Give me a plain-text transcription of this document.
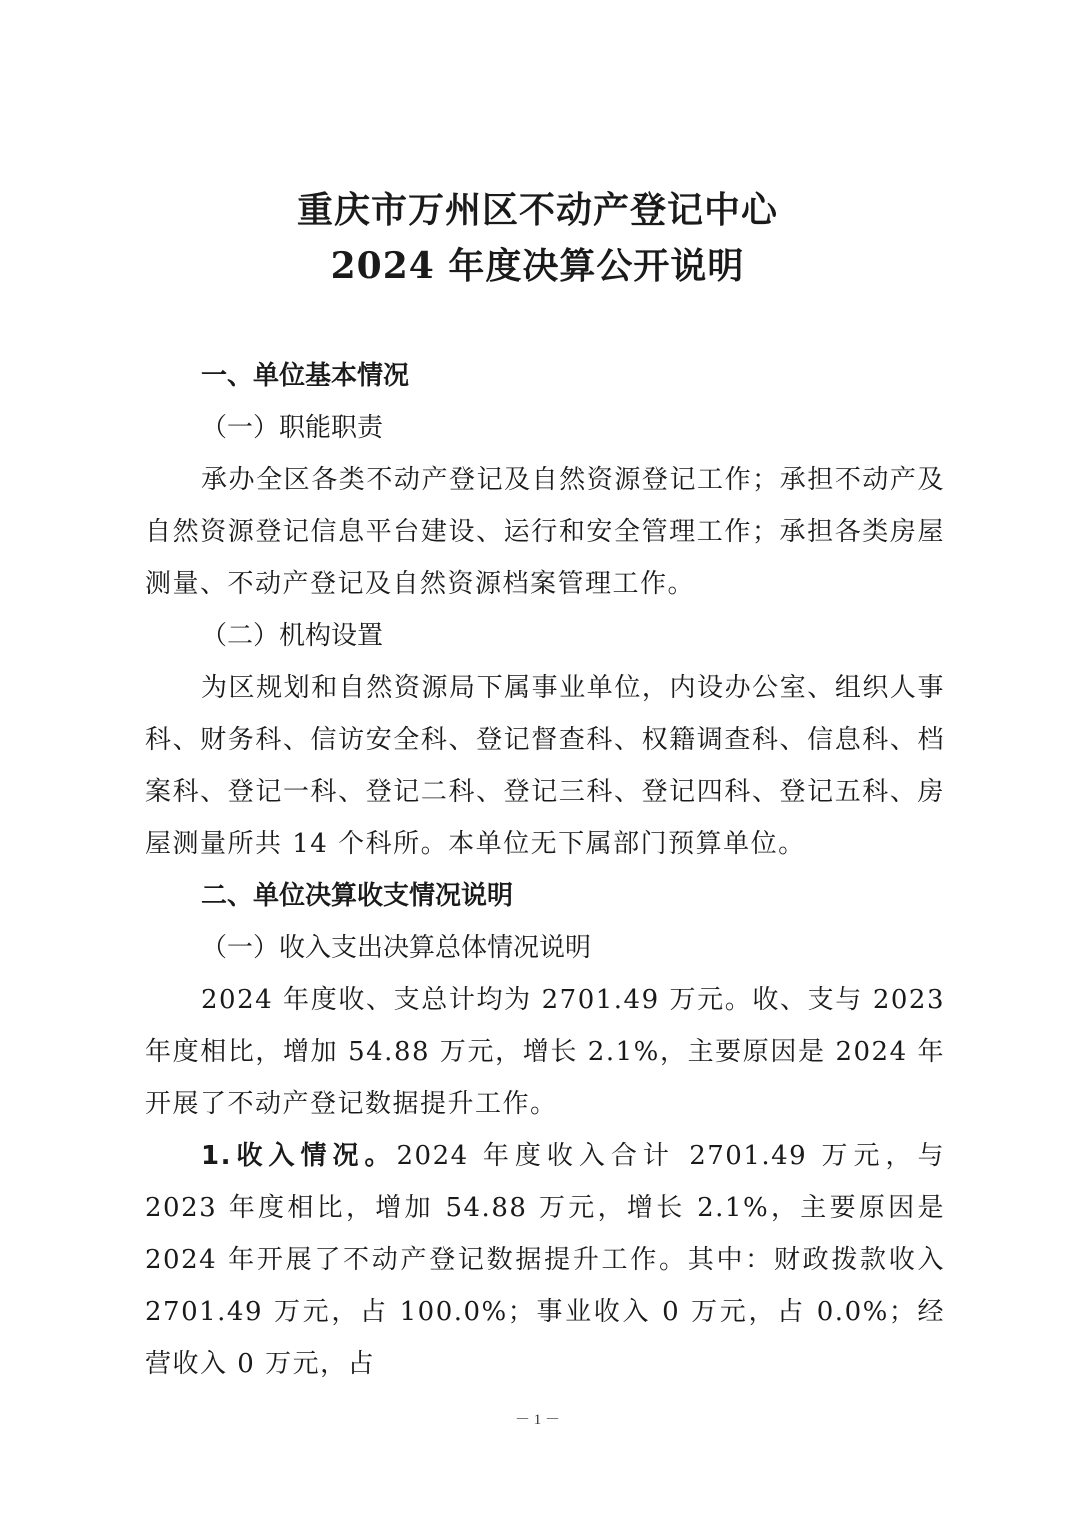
重庆市万州区不动产登记中心
2024 年度决算公开说明

一、单位基本情况

（一）职能职责

承办全区各类不动产登记及自然资源登记工作；承担不动产及自然资源登记信息平台建设、运行和安全管理工作；承担各类房屋测量、不动产登记及自然资源档案管理工作。

（二）机构设置

为区规划和自然资源局下属事业单位，内设办公室、组织人事科、财务科、信访安全科、登记督查科、权籍调查科、信息科、档案科、登记一科、登记二科、登记三科、登记四科、登记五科、房屋测量所共 14 个科所。本单位无下属部门预算单位。

二、单位决算收支情况说明

（一）收入支出决算总体情况说明

2024 年度收、支总计均为 2701.49 万元。收、支与 2023 年度相比，增加 54.88 万元，增长 2.1%，主要原因是 2024 年开展了不动产登记数据提升工作。

1.收入情况。2024 年度收入合计 2701.49 万元，与 2023 年度相比，增加 54.88 万元，增长 2.1%，主要原因是 2024 年开展了不动产登记数据提升工作。其中：财政拨款收入 2701.49 万元，占 100.0%；事业收入 0 万元，占 0.0%；经营收入 0 万元，占

－ 1 －
